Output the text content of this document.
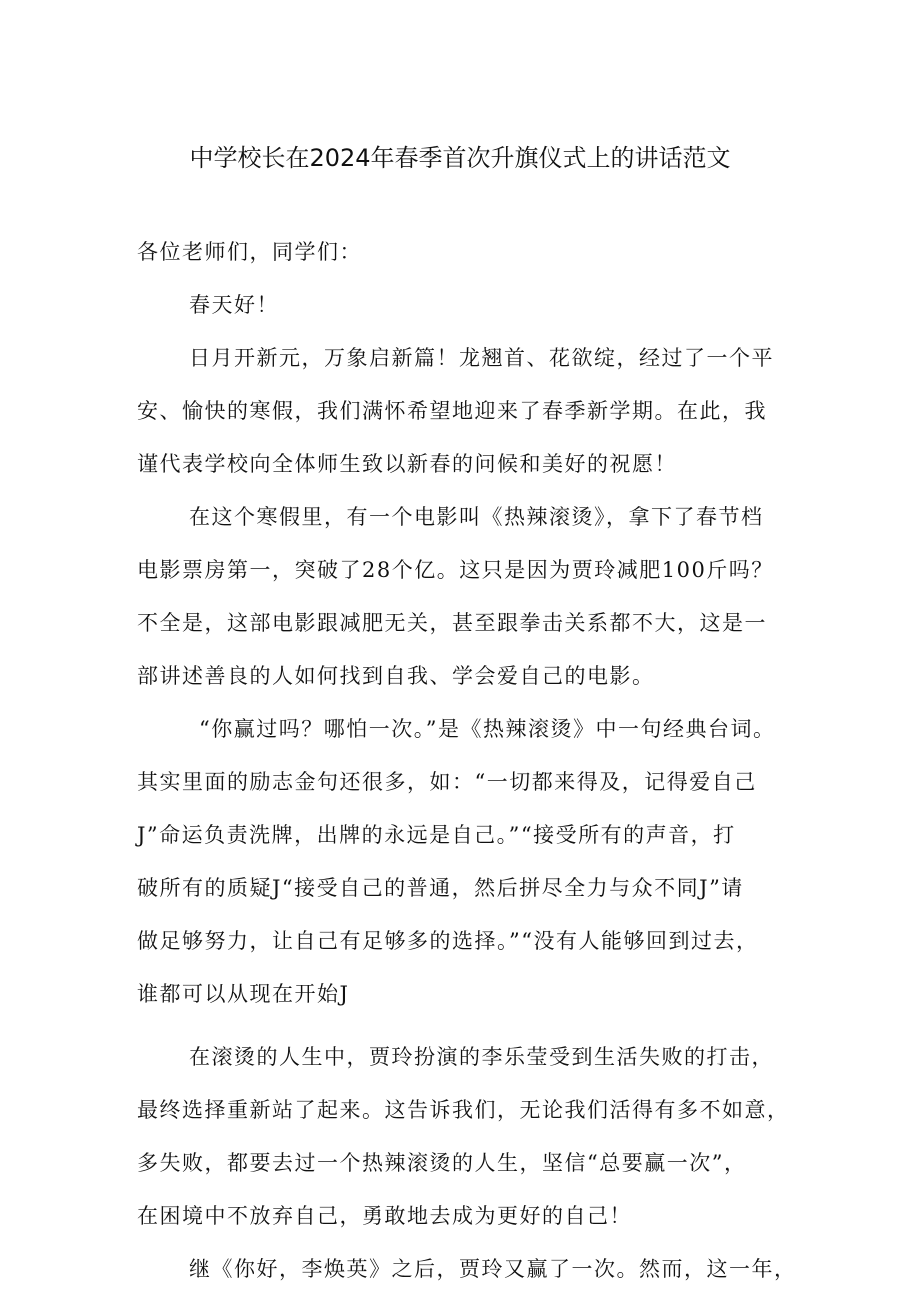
中学校长在2024年春季首次升旗仪式上的讲话范文

各位老师们，同学们：

春天好！

日月开新元，万象启新篇！龙翘首、花欲绽，经过了一个平

安、愉快的寒假，我们满怀希望地迎来了春季新学期。在此，我

谨代表学校向全体师生致以新春的问候和美好的祝愿！

在这个寒假里，有一个电影叫《热辣滚烫》，拿下了春节档

电影票房第一，突破了28个亿。这只是因为贾玲减肥100斤吗？

不全是，这部电影跟减肥无关，甚至跟拳击关系都不大，这是一

部讲述善良的人如何找到自我、学会爱自己的电影。

“你赢过吗？哪怕一次。”是《热辣滚烫》中一句经典台词。

其实里面的励志金句还很多，如：“一切都来得及，记得爱自己

J”命运负责洗牌，出牌的永远是自己。”“接受所有的声音，打

破所有的质疑J“接受自己的普通，然后拼尽全力与众不同J”请

做足够努力，让自己有足够多的选择。”“没有人能够回到过去，

谁都可以从现在开始J

在滚烫的人生中，贾玲扮演的李乐莹受到生活失败的打击，

最终选择重新站了起来。这告诉我们，无论我们活得有多不如意，

多失败，都要去过一个热辣滚烫的人生，坚信“总要赢一次”，

在困境中不放弃自己，勇敢地去成为更好的自己！

继《你好，李焕英》之后，贾玲又赢了一次。然而，这一年，
